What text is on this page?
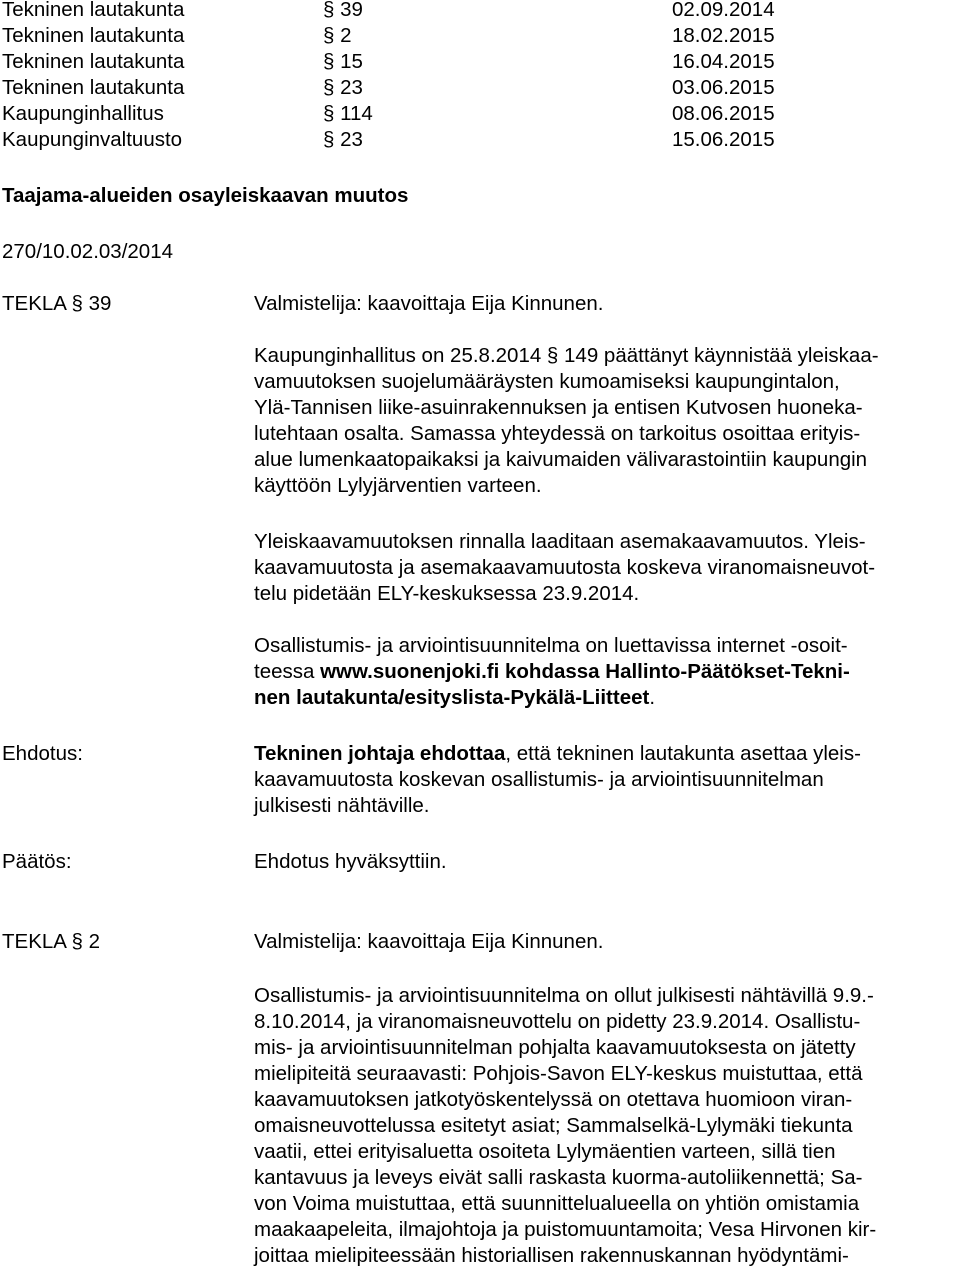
Tekninen lautakunta	§ 39	02.09.2014
Tekninen lautakunta	§ 2	18.02.2015
Tekninen lautakunta	§ 15	16.04.2015
Tekninen lautakunta	§ 23	03.06.2015
Kaupunginhallitus	§ 114	08.06.2015
Kaupunginvaltuusto	§ 23	15.06.2015
Taajama-alueiden osayleiskaavan muutos
270/10.02.03/2014
TEKLA § 39	Valmistelija: kaavoittaja Eija Kinnunen.
Kaupunginhallitus on 25.8.2014 § 149 päättänyt käynnistää yleiskaa-
vamuutoksen suojelumääräysten kumoamiseksi kaupungintalon,
Ylä-Tannisen liike-asuinrakennuksen ja entisen Kutvosen huoneka-
lutehtaan osalta. Samassa yhteydessä on tarkoitus osoittaa erityis-
alue lumenkaatopaikaksi ja kaivumaiden välivarastointiin kaupungin
käyttöön Lylyjärventien varteen.
Yleiskaavamuutoksen rinnalla laaditaan asemakaavamuutos. Yleis-
kaavamuutosta ja asemakaavamuutosta koskeva viranomaisneuvot-
telu pidetään ELY-keskuksessa 23.9.2014.
Osallistumis- ja arviointisuunnitelma on luettavissa internet -osoit-
teessa www.suonenjoki.fi kohdassa Hallinto-Päätökset-Tekni-
nen lautakunta/esityslista-Pykälä-Liitteet.
Ehdotus:	Tekninen johtaja ehdottaa, että tekninen lautakunta asettaa yleis-
kaavamuutosta koskevan osallistumis- ja arviointisuunnitelman
julkisesti nähtäville.
Päätös:	Ehdotus hyväksyttiin.
TEKLA § 2	Valmistelija: kaavoittaja Eija Kinnunen.
Osallistumis- ja arviointisuunnitelma on ollut julkisesti nähtävillä 9.9.-
8.10.2014, ja viranomaisneuvottelu on pidetty 23.9.2014. Osallistu-
mis- ja arviointisuunnitelman pohjalta kaavamuutoksesta on jätetty
mielipiteitä seuraavasti: Pohjois-Savon ELY-keskus muistuttaa, että
kaavamuutoksen jatkotyöskentelyssä on otettava huomioon viran-
omaisneuvottelussa esitetyt asiat; Sammalselkä-Lylymäki tiekunta
vaatii, ettei erityisaluetta osoiteta Lylymäentien varteen, sillä tien
kantavuus ja leveys eivät salli raskasta kuorma-autoliikennettä; Sa-
von Voima muistuttaa, että suunnittelualueella on yhtiön omistamia
maakaapeleita, ilmajohtoja ja puistomuuntamoita; Vesa Hirvonen kir-
joittaa mielipiteessään historiallisen rakennuskannan hyödyntämi-
